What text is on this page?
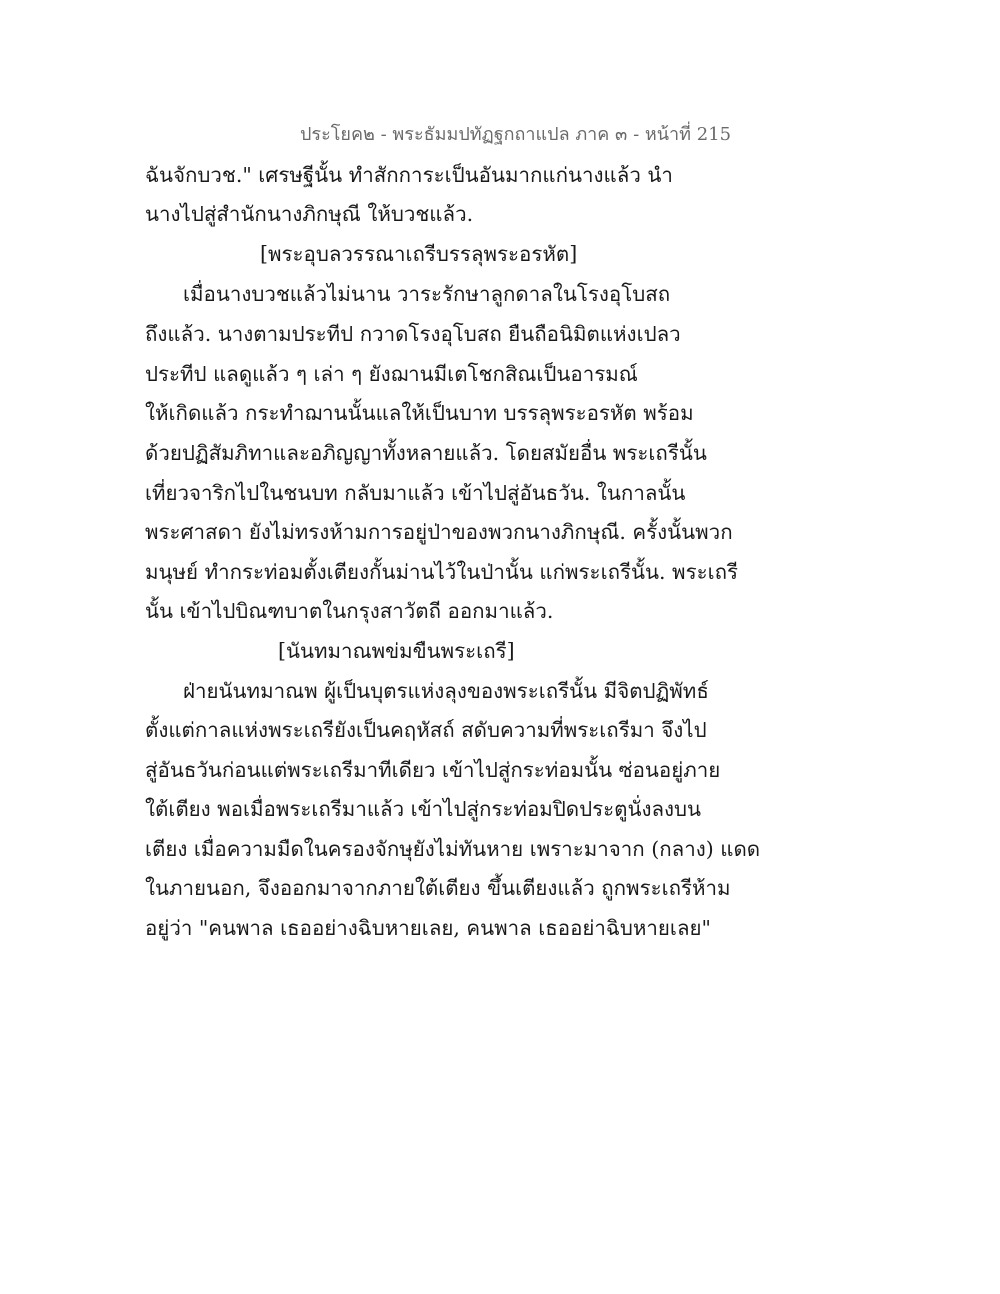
ประโยค๒ - พระธัมมปทัฏฐกถาแปล ภาค ๓ - หน้าที่ 215
ฉันจักบวช." เศรษฐีนั้น ทำสักการะเป็นอันมากแก่นางแล้ว นำ
นางไปสู่สำนักนางภิกษุณี ให้บวชแล้ว.
[พระอุบลวรรณาเถรีบรรลุพระอรหัต]
เมื่อนางบวชแล้วไม่นาน วาระรักษาลูกดาลในโรงอุโบสถ
ถึงแล้ว. นางตามประทีป กวาดโรงอุโบสถ ยืนถือนิมิตแห่งเปลว
ประทีป แลดูแล้ว ๆ เล่า ๆ ยังฌานมีเตโชกสิณเป็นอารมณ์
ให้เกิดแล้ว กระทำฌานนั้นแลให้เป็นบาท บรรลุพระอรหัต พร้อม
ด้วยปฏิสัมภิทาและอภิญญาทั้งหลายแล้ว. โดยสมัยอื่น พระเถรีนั้น
เที่ยวจาริกไปในชนบท กลับมาแล้ว เข้าไปสู่อันธวัน. ในกาลนั้น
พระศาสดา ยังไม่ทรงห้ามการอยู่ป่าของพวกนางภิกษุณี. ครั้งนั้นพวก
มนุษย์ ทำกระท่อมตั้งเตียงกั้นม่านไว้ในป่านั้น แก่พระเถรีนั้น. พระเถรี
นั้น เข้าไปบิณฑบาตในกรุงสาวัตถี ออกมาแล้ว.
[นันทมาณพข่มขืนพระเถรี]
ฝ่ายนันทมาณพ ผู้เป็นบุตรแห่งลุงของพระเถรีนั้น มีจิตปฏิพัทธ์
ตั้งแต่กาลแห่งพระเถรียังเป็นคฤหัสถ์ สดับความที่พระเถรีมา จึงไป
สู่อันธวันก่อนแต่พระเถรีมาทีเดียว เข้าไปสู่กระท่อมนั้น ซ่อนอยู่ภาย
ใต้เตียง พอเมื่อพระเถรีมาแล้ว เข้าไปสู่กระท่อมปิดประตูนั่งลงบน
เตียง เมื่อความมืดในครองจักษุยังไม่ทันหาย เพราะมาจาก (กลาง) แดด
ในภายนอก, จึงออกมาจากภายใต้เตียง ขึ้นเตียงแล้ว ถูกพระเถรีห้าม
อยู่ว่า "คนพาล เธออย่างฉิบหายเลย, คนพาล เธออย่าฉิบหายเลย"
